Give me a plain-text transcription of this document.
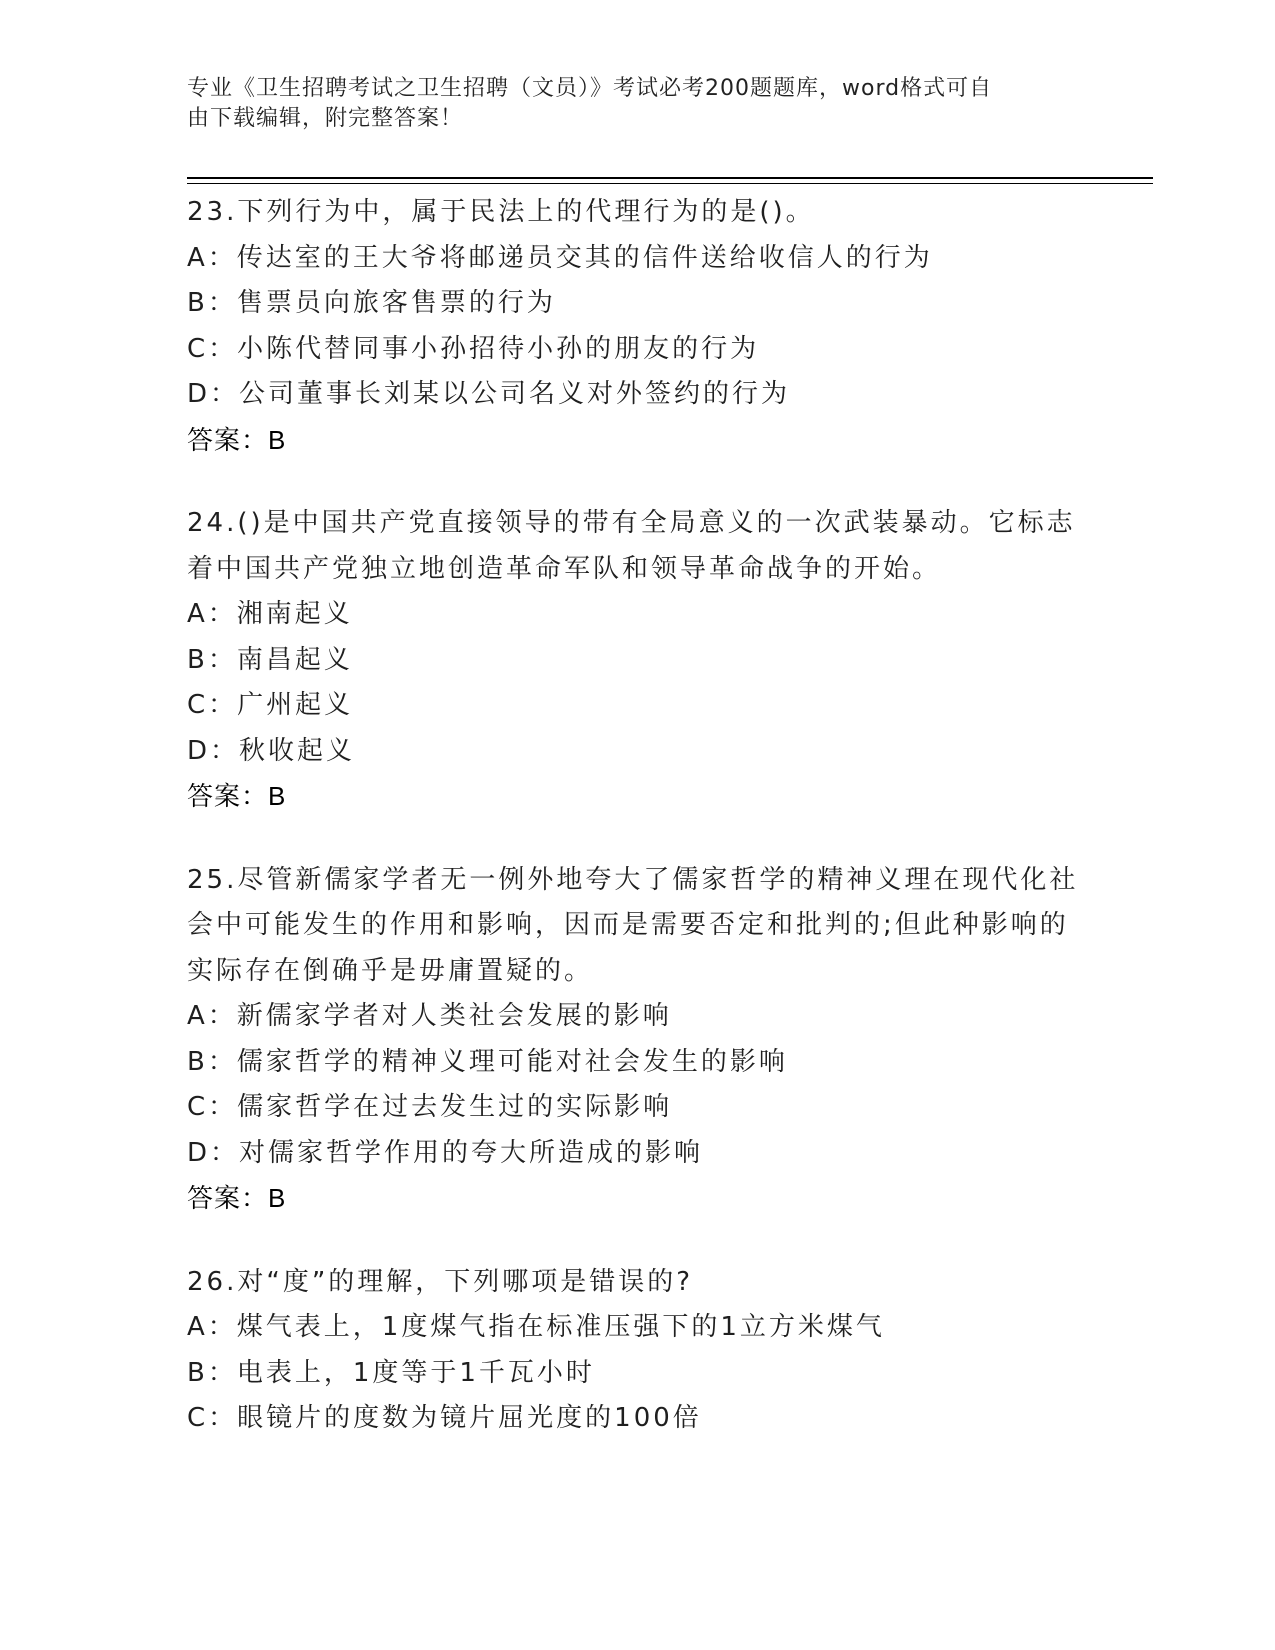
专业《卫生招聘考试之卫生招聘（文员）》考试必考200题题库，word格式可自
由下载编辑，附完整答案！
23.下列行为中，属于民法上的代理行为的是()。
A：传达室的王大爷将邮递员交其的信件送给收信人的行为
B：售票员向旅客售票的行为
C：小陈代替同事小孙招待小孙的朋友的行为
D：公司董事长刘某以公司名义对外签约的行为
答案：B
24.()是中国共产党直接领导的带有全局意义的一次武装暴动。它标志
着中国共产党独立地创造革命军队和领导革命战争的开始。
A：湘南起义
B：南昌起义
C：广州起义
D：秋收起义
答案：B
25.尽管新儒家学者无一例外地夸大了儒家哲学的精神义理在现代化社
会中可能发生的作用和影响，因而是需要否定和批判的;但此种影响的
实际存在倒确乎是毋庸置疑的。
A：新儒家学者对人类社会发展的影响
B：儒家哲学的精神义理可能对社会发生的影响
C：儒家哲学在过去发生过的实际影响
D：对儒家哲学作用的夸大所造成的影响
答案：B
26.对“度”的理解，下列哪项是错误的?
A：煤气表上，1度煤气指在标准压强下的1立方米煤气
B：电表上，1度等于1千瓦小时
C：眼镜片的度数为镜片屈光度的100倍
